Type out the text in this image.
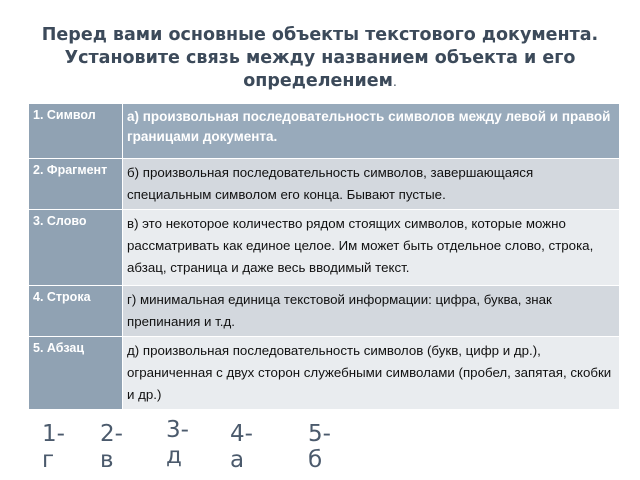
Перед вами основные объекты текстового документа. Установите связь между названием объекта и его определением.
1. Символ	а) произвольная последовательность символов между левой и правой границами документа.
2. Фрагмент	б) произвольная последовательность символов, завершающаяся специальным символом его конца. Бывают пустые.
3. Слово	в) это некоторое количество рядом стоящих символов, которые можно рассматривать как единое целое. Им может быть отдельное слово, строка, абзац, страница и даже весь вводимый текст.
4. Строка	г) минимальная единица текстовой информации: цифра, буква, знак препинания и т.д.
5. Абзац	д) произвольная последовательность символов (букв, цифр и др.), ограниченная с двух сторон служебными символами (пробел, запятая, скобки и др.)
1-
г
2-
в
3-
д
4-
а
5-
б
